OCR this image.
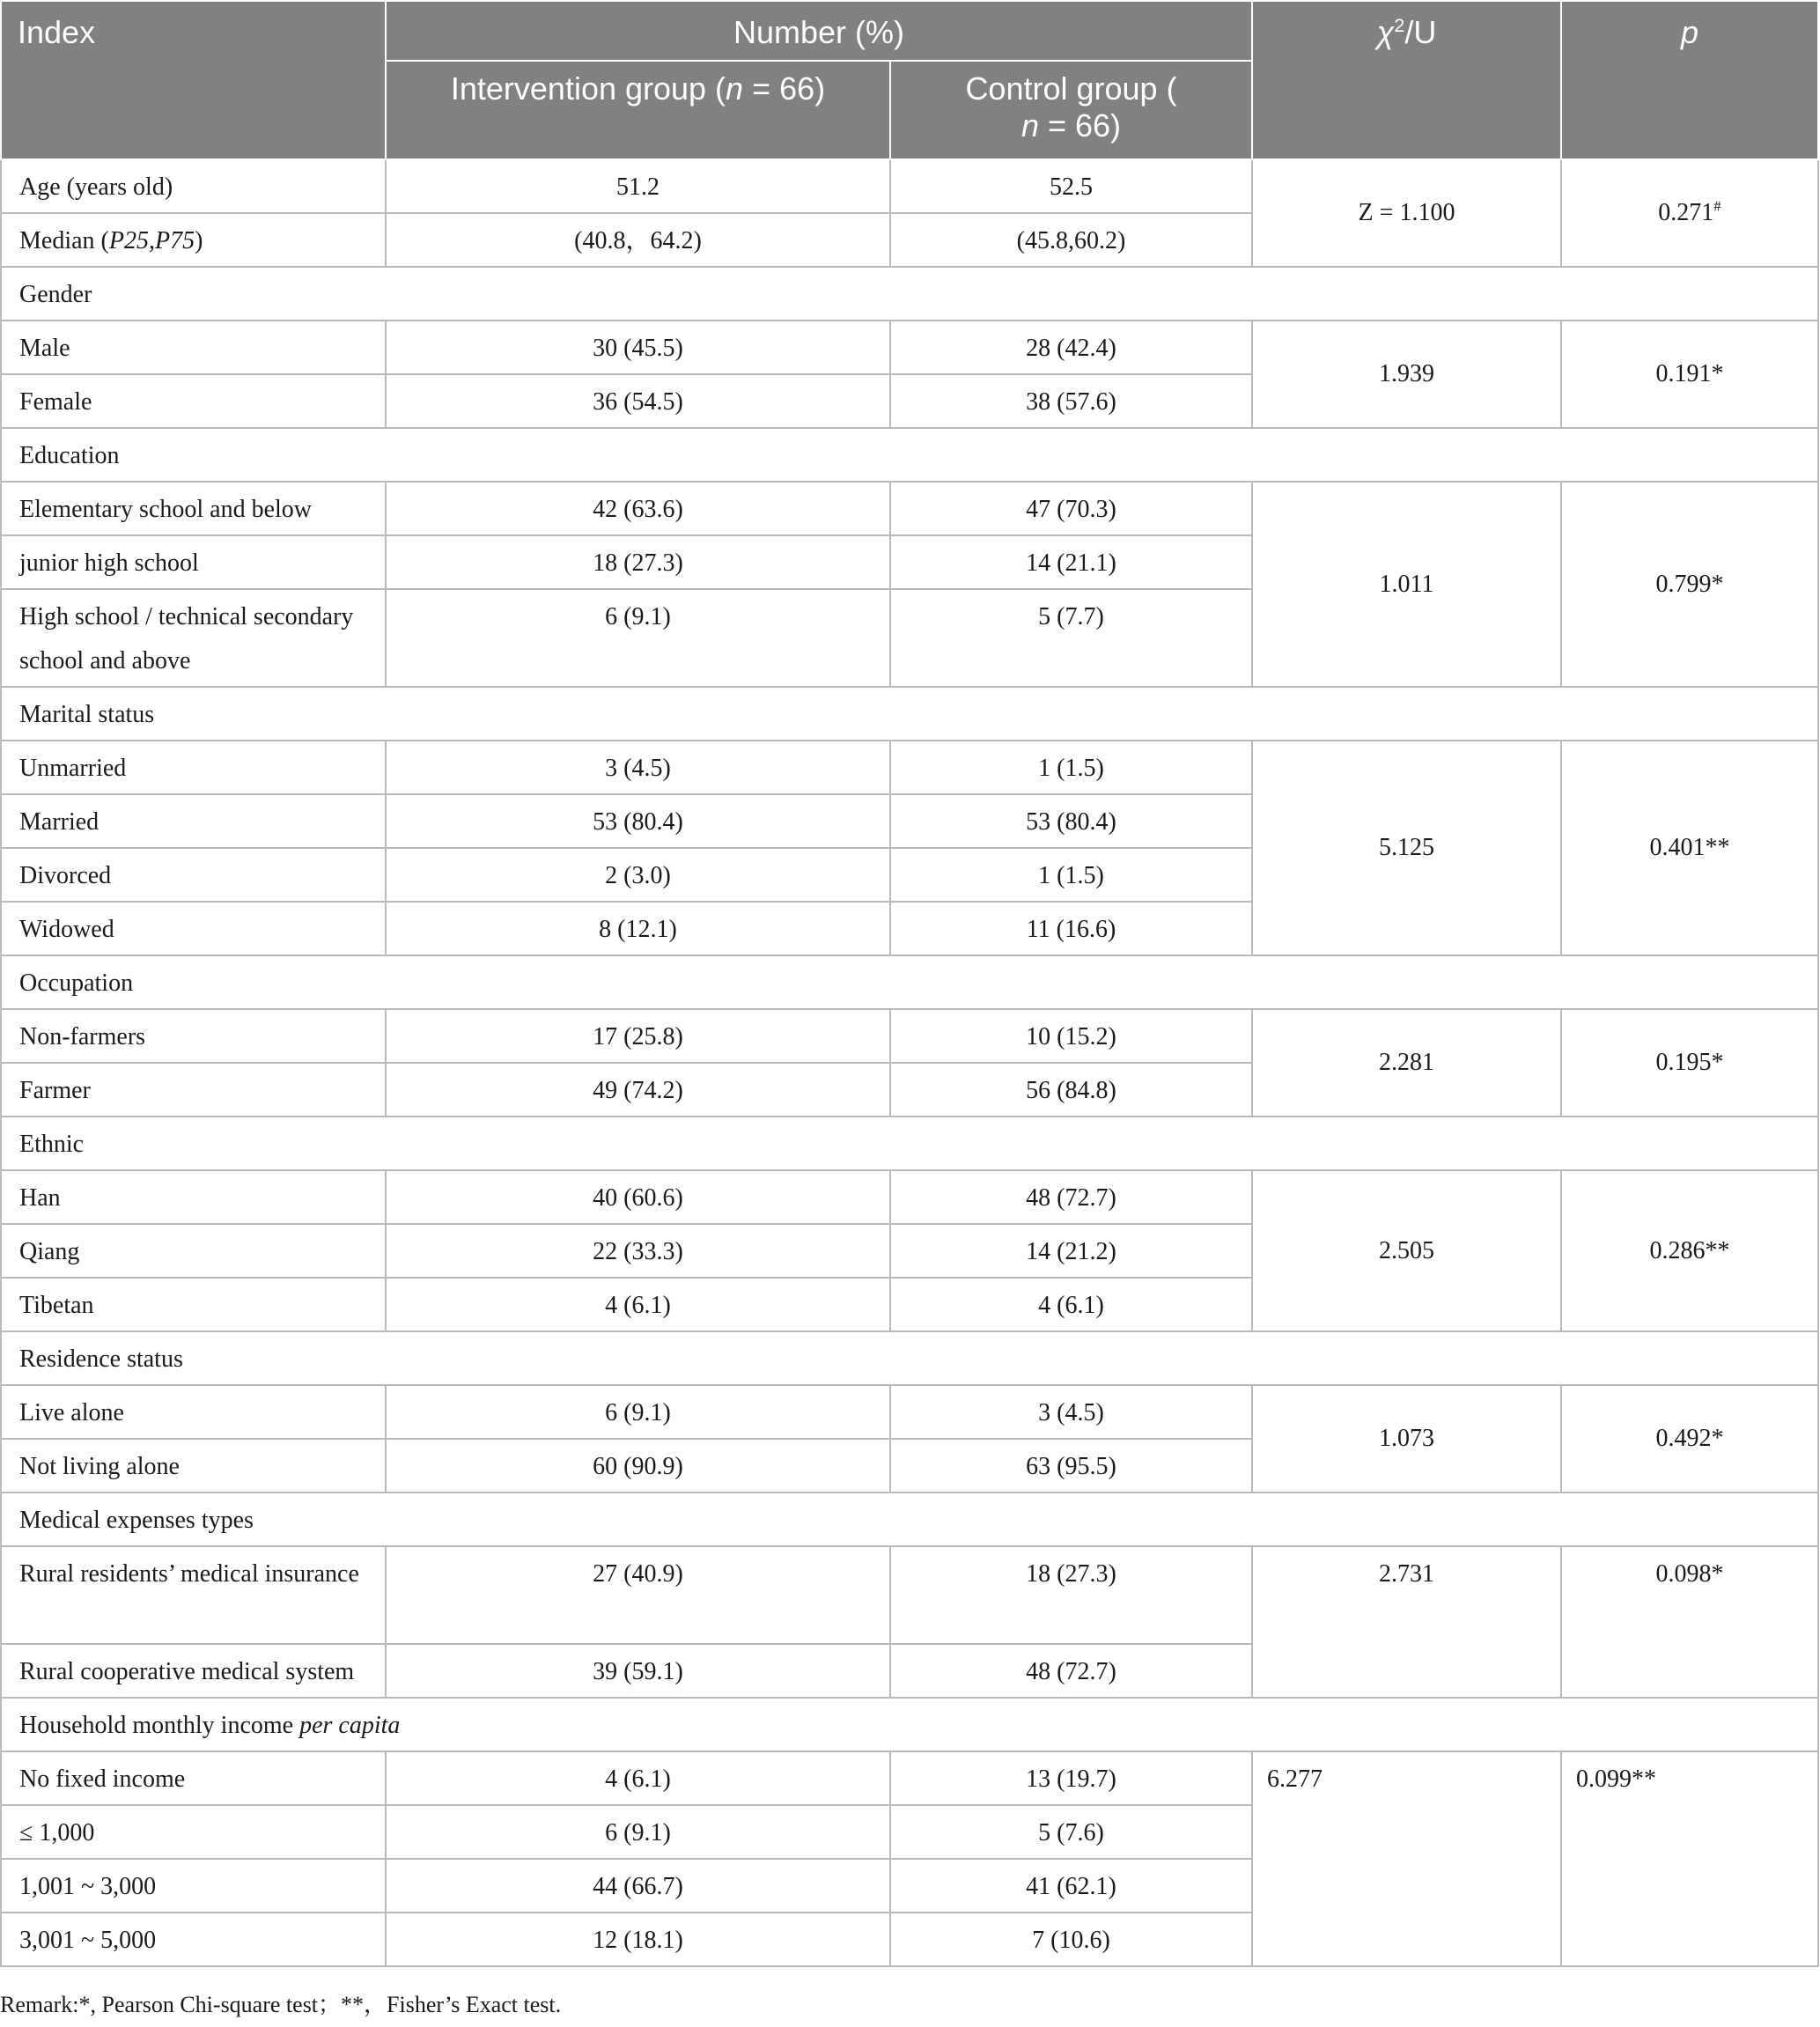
Index	Number (%)		$\chi^2/U$	p
	Intervention group (n = 66)	Control group (
n = 66)		
Age (years old)	51.2	52.5	Z = 1.100	0.271#
Median (P25,P75)	(40.8，64.2)	(45.8,60.2)		
Gender				
Male	30 (45.5)	28 (42.4)	1.939	0.191*
Female	36 (54.5)	38 (57.6)		
Education				
Elementary school and below	42 (63.6)	47 (70.3)	1.011	0.799*
junior high school	18 (27.3)	14 (21.1)		
High school / technical secondary school and above	6 (9.1)	5 (7.7)		
Marital status				
Unmarried	3 (4.5)	1 (1.5)	5.125	0.401**
Married	53 (80.4)	53 (80.4)		
Divorced	2 (3.0)	1 (1.5)		
Widowed	8 (12.1)	11 (16.6)		
Occupation				
Non-farmers	17 (25.8)	10 (15.2)	2.281	0.195*
Farmer	49 (74.2)	56 (84.8)		
Ethnic				
Han	40 (60.6)	48 (72.7)	2.505	0.286**
Qiang	22 (33.3)	14 (21.2)		
Tibetan	4 (6.1)	4 (6.1)		
Residence status				
Live alone	6 (9.1)	3 (4.5)	1.073	0.492*
Not living alone	60 (90.9)	63 (95.5)		
Medical expenses types				
Rural residents’ medical insurance	27 (40.9)	18 (27.3)	2.731	0.098*
Rural cooperative medical system	39 (59.1)	48 (72.7)		
Household monthly income per capita				
No fixed income	4 (6.1)	13 (19.7)	6.277	0.099**
≤ 1,000	6 (9.1)	5 (7.6)		
1,001 ~ 3,000	44 (66.7)	41 (62.1)		
3,001 ~ 5,000	12 (18.1)	7 (10.6)		
Remark:*, Pearson Chi-square test；**，Fisher’s Exact test.
